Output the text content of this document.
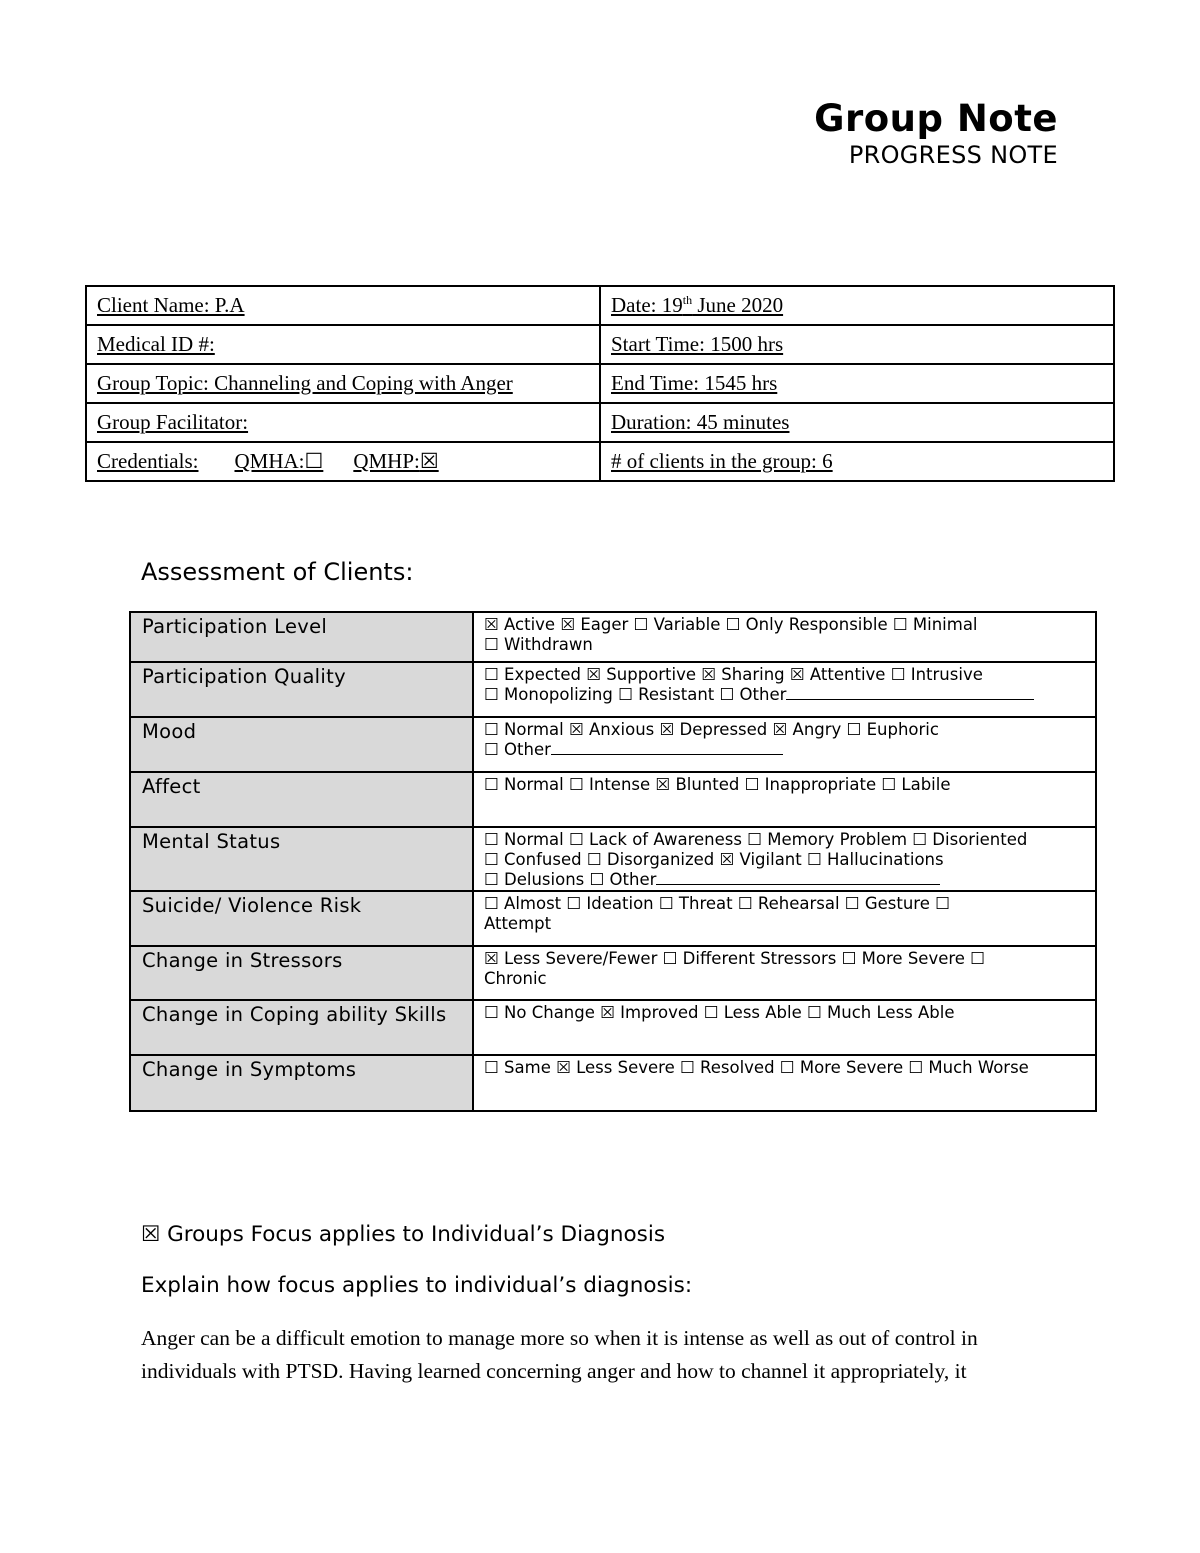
Group Note
PROGRESS NOTE
Client Name: P.A	Date: 19th June 2020
Medical ID #:	Start Time: 1500 hrs
Group Topic: Channeling and Coping with Anger	End Time: 1545 hrs
Group Facilitator:	Duration: 45 minutes
Credentials: QMHA:☐ QMHP:☒	# of clients in the group: 6
Assessment of Clients:
Participation Level	☒ Active ☒ Eager ☐ Variable ☐ Only Responsible ☐ Minimal
☐ Withdrawn

Participation Quality	☐ Expected ☒ Supportive ☒ Sharing ☒ Attentive ☐ Intrusive
☐ Monopolizing ☐ Resistant ☐ Other

Mood	☐ Normal ☒ Anxious ☒ Depressed ☒ Angry ☐ Euphoric
☐ Other

Affect	☐ Normal ☐ Intense ☒ Blunted ☐ Inappropriate ☐ Labile

Mental Status	☐ Normal ☐ Lack of Awareness ☐ Memory Problem ☐ Disoriented
☐ Confused ☐ Disorganized ☒ Vigilant ☐ Hallucinations
☐ Delusions ☐ Other

Suicide/ Violence Risk	☐ Almost ☐ Ideation ☐ Threat ☐ Rehearsal ☐ Gesture ☐
Attempt

Change in Stressors	☒ Less Severe/Fewer ☐ Different Stressors ☐ More Severe ☐
Chronic

Change in Coping ability Skills	☐ No Change ☒ Improved ☐ Less Able ☐ Much Less Able

Change in Symptoms	☐ Same ☒ Less Severe ☐ Resolved ☐ More Severe ☐ Much Worse
☒ Groups Focus applies to Individual’s Diagnosis
Explain how focus applies to individual’s diagnosis:
Anger can be a difficult emotion to manage more so when it is intense as well as out of control in
individuals with PTSD. Having learned concerning anger and how to channel it appropriately, it
